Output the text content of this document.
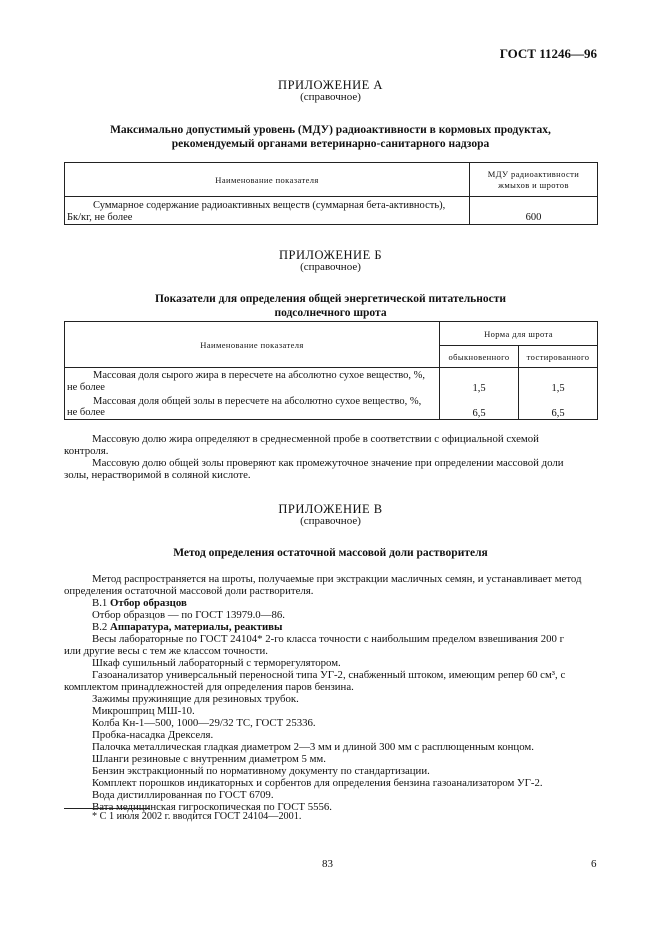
ГОСТ 11246—96
ПРИЛОЖЕНИЕ А
(справочное)
Максимально допустимый уровень (МДУ) радиоактивности в кормовых продуктах,
рекомендуемый органами ветеринарно-санитарного надзора
Наименование показателя	МДУ радиоактивности
жмыхов и шротов

Суммарное содержание радиоактивных веществ (суммарная бета-активность),
Бк/кг, не более	600
ПРИЛОЖЕНИЕ Б
(справочное)
Показатели для определения общей энергетической питательности
подсолнечного шрота
Наименование показателя	Норма для шрота	
	обыкновенного	тостированного

Массовая доля сырого жира в пересчете на абсолютно сухое вещество, %,
не более	1,5	1,5

Массовая доля общей золы в пересчете на абсолютно сухое вещество, %,
не более	6,5	6,5
Массовую долю жира определяют в среднесменной пробе в соответствии с официальной схемой
контроля.
Массовую долю общей золы проверяют как промежуточное значение при определении массовой доли
золы, нерастворимой в соляной кислоте.
ПРИЛОЖЕНИЕ В
(справочное)
Метод определения остаточной массовой доли растворителя
Метод распространяется на шроты, получаемые при экстракции масличных семян, и устанавливает метод
определения остаточной массовой доли растворителя.
В.1 Отбор образцов
Отбор образцов — по ГОСТ 13979.0—86.
В.2 Аппаратура, материалы, реактивы
Весы лабораторные по ГОСТ 24104* 2-го класса точности с наибольшим пределом взвешивания 200 г
или другие весы с тем же классом точности.
Шкаф сушильный лабораторный с терморегулятором.
Газоанализатор универсальный переносной типа УГ-2, снабженный штоком, имеющим репер 60 см³, с
комплектом принадлежностей для определения паров бензина.
Зажимы пружинящие для резиновых трубок.
Микрошприц МШ-10.
Колба Кн-1—500, 1000—29/32 ТС, ГОСТ 25336.
Пробка-насадка Дрекселя.
Палочка металлическая гладкая диаметром 2—3 мм и длиной 300 мм с расплющенным концом.
Шланги резиновые с внутренним диаметром 5 мм.
Бензин экстракционный по нормативному документу по стандартизации.
Комплект порошков индикаторных и сорбентов для определения бензина газоанализатором УГ-2.
Вода дистиллированная по ГОСТ 6709.
Вата медицинская гигроскопическая по ГОСТ 5556.
* С 1 июля 2002 г. вводится ГОСТ 24104—2001.
83	6
